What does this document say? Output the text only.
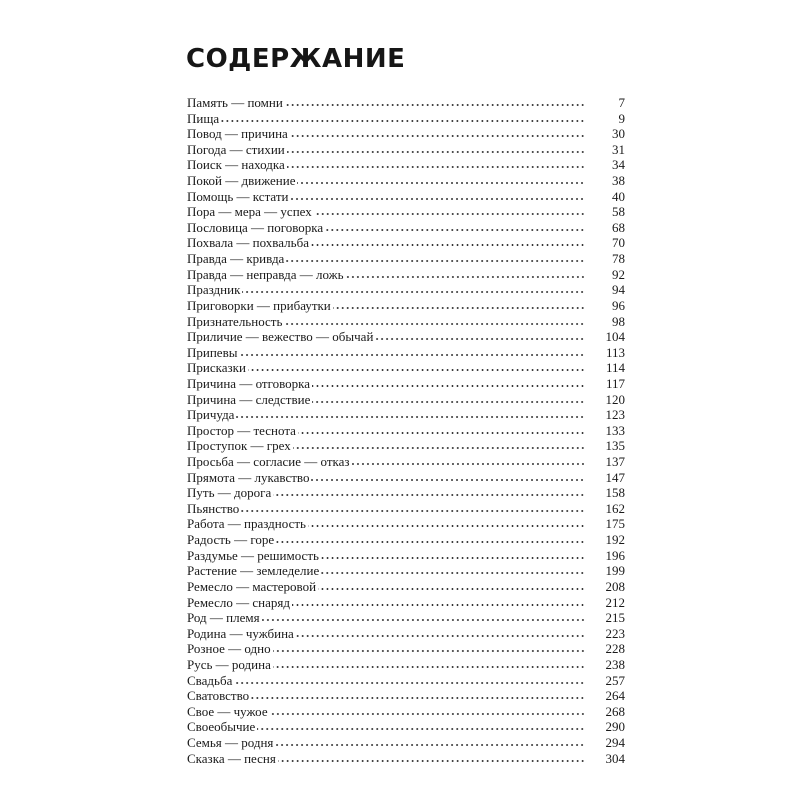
СОДЕРЖАНИЕ
Память — помни	7
Пища	9
Повод — причина	30
Погода — стихии	31
Поиск — находка	34
Покой — движение	38
Помощь — кстати	40
Пора — мера — успех	58
Пословица — поговорка	68
Похвала — похвальба	70
Правда — кривда	78
Правда — неправда — ложь	92
Праздник	94
Приговорки — прибаутки	96
Признательность	98
Приличие — вежество — обычай	104
Припевы	113
Присказки	114
Причина — отговорка	117
Причина — следствие	120
Причуда	123
Простор — теснота	133
Проступок — грех	135
Просьба — согласие — отказ	137
Прямота — лукавство	147
Путь — дорога	158
Пьянство	162
Работа — праздность	175
Радость — горе	192
Раздумье — решимость	196
Растение — земледелие	199
Ремесло — мастеровой	208
Ремесло — снаряд	212
Род — племя	215
Родина — чужбина	223
Розное — одно	228
Русь — родина	238
Свадьба	257
Сватовство	264
Свое — чужое	268
Своеобычие	290
Семья — родня	294
Сказка — песня	304
